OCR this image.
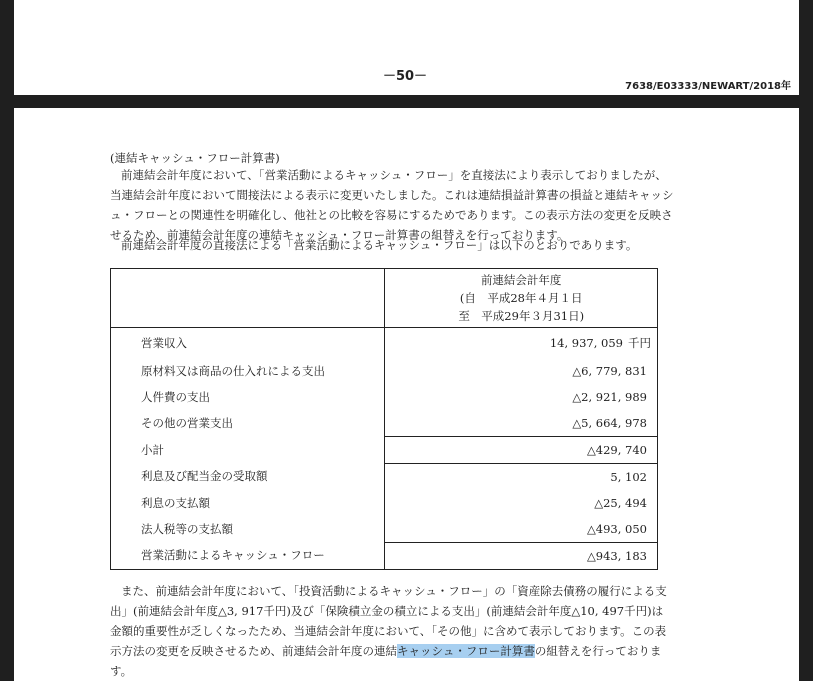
－50－
7638/E03333/NEWART/2018年
(連結キャッシュ・フロー計算書)

前連結会計年度において、「営業活動によるキャッシュ・フロー」を直接法により表示しておりましたが、
当連結会計年度において間接法による表示に変更いたしました。これは連結損益計算書の損益と連結キャッシ
ュ・フローとの関連性を明確化し、他社との比較を容易にするためであります。この表示方法の変更を反映さ
せるため、前連結会計年度の連結キャッシュ・フロー計算書の組替えを行っております。

前連結会計年度の直接法による「営業活動によるキャッシュ・フロー」は以下のとおりであります。

	前連結会計年度
(自　平成28年４月１日
至　平成29年３月31日)

営業収入	14, 937, 059 千円
原材料又は商品の仕入れによる支出	△6, 779, 831
人件費の支出	△2, 921, 989
その他の営業支出	△5, 664, 978
小計	△429, 740
利息及び配当金の受取額	5, 102
利息の支払額	△25, 494
法人税等の支払額	△493, 050
営業活動によるキャッシュ・フロー	△943, 183

また、前連結会計年度において、「投資活動によるキャッシュ・フロー」の「資産除去債務の履行による支
出」(前連結会計年度△3, 917千円)及び「保険積立金の積立による支出」(前連結会計年度△10, 497千円)は
金額的重要性が乏しくなったため、当連結会計年度において、「その他」に含めて表示しております。この表
示方法の変更を反映させるため、前連結会計年度の連結キャッシュ・フロー計算書の組替えを行っておりま
す。
